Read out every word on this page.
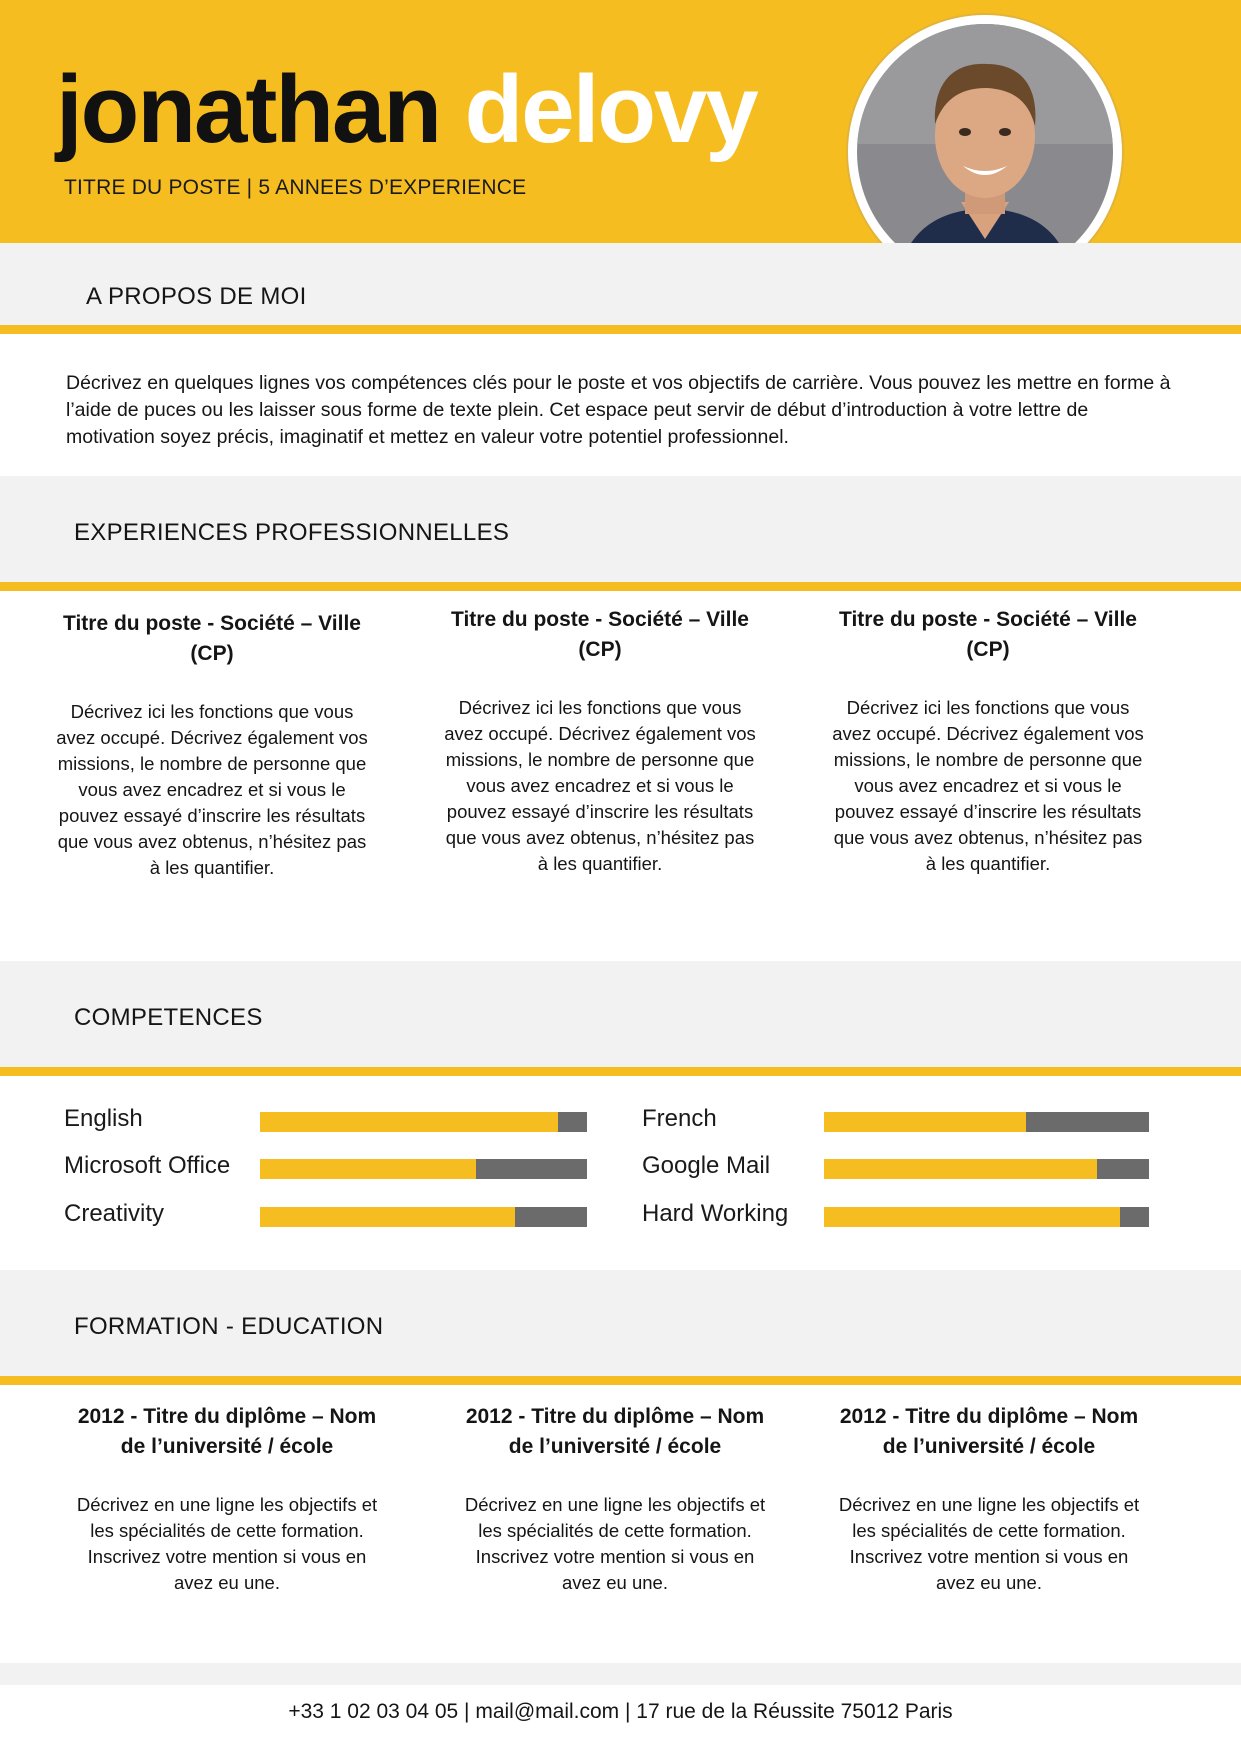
jonathan delovy
TITRE DU POSTE | 5 ANNEES D’EXPERIENCE
A PROPOS DE MOI
Décrivez en quelques lignes vos compétences clés pour le poste et vos objectifs de carrière. Vous pouvez les mettre en forme à l’aide de puces ou les laisser sous forme de texte plein. Cet espace peut servir de début d’introduction à votre lettre de motivation soyez précis, imaginatif et mettez en valeur votre potentiel professionnel.
EXPERIENCES PROFESSIONNELLES
Titre du poste - Société – Ville (CP)
Décrivez ici les fonctions que vous avez occupé. Décrivez également vos missions, le nombre de personne que vous avez encadrez et si vous le pouvez essayé d’inscrire les résultats que vous avez obtenus, n’hésitez pas à les quantifier.
Titre du poste - Société – Ville (CP)
Décrivez ici les fonctions que vous avez occupé. Décrivez également vos missions, le nombre de personne que vous avez encadrez et si vous le pouvez essayé d’inscrire les résultats que vous avez obtenus, n’hésitez pas à les quantifier.
Titre du poste - Société – Ville (CP)
Décrivez ici les fonctions que vous avez occupé. Décrivez également vos missions, le nombre de personne que vous avez encadrez et si vous le pouvez essayé d’inscrire les résultats que vous avez obtenus, n’hésitez pas à les quantifier.
COMPETENCES
English	French
Microsoft Office	Google Mail
Creativity	Hard Working
FORMATION - EDUCATION
2012 - Titre du diplôme – Nom de l’université / école
Décrivez en une ligne les objectifs et les spécialités de cette formation. Inscrivez votre mention si vous en avez eu une.
2012 - Titre du diplôme – Nom de l’université / école
Décrivez en une ligne les objectifs et les spécialités de cette formation. Inscrivez votre mention si vous en avez eu une.
2012 - Titre du diplôme – Nom de l’université / école
Décrivez en une ligne les objectifs et les spécialités de cette formation. Inscrivez votre mention si vous en avez eu une.
+33 1 02 03 04 05 | mail@mail.com | 17 rue de la Réussite 75012 Paris
